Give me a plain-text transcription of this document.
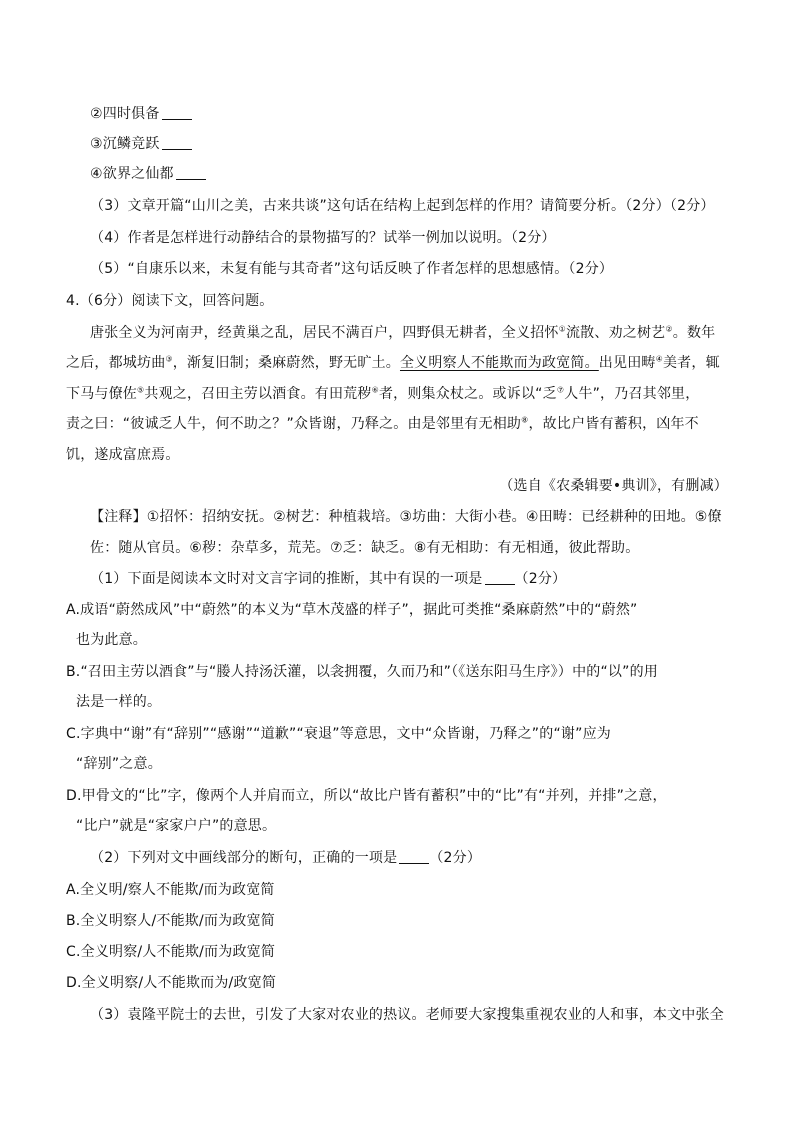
②四时俱备
③沉鳞竞跃
④欲界之仙都
（3）文章开篇“山川之美，古来共谈”这句话在结构上起到怎样的作用？请简要分析。（2分）（2分）
（4）作者是怎样进行动静结合的景物描写的？试举一例加以说明。（2分）
（5）“自康乐以来，未复有能与其奇者”这句话反映了作者怎样的思想感情。（2分）
4.（6分）阅读下文，回答问题。
唐张全义为河南尹，经黄巢之乱，居民不满百户，四野俱无耕者，全义招怀①流散、劝之树艺②。数年
之后，都城坊曲③，渐复旧制；桑麻蔚然，野无旷土。全义明察人不能欺而为政宽简。出见田畴④美者，辄
下马与僚佐⑤共观之，召田主劳以酒食。有田荒秽⑥者，则集众杖之。或诉以“乏⑦人牛”，乃召其邻里，
责之曰：“彼诚乏人牛，何不助之？”众皆谢，乃释之。由是邻里有无相助⑧，故比户皆有蓄积，凶年不
饥，遂成富庶焉。
（选自《农桑辑要•典训》，有删减）
【注释】①招怀：招纳安抚。②树艺：种植栽培。③坊曲：大街小巷。④田畴：已经耕种的田地。⑤僚
佐：随从官员。⑥秽：杂草多，荒芜。⑦乏：缺乏。⑧有无相助：有无相通，彼此帮助。
（1）下面是阅读本文时对文言字词的推断，其中有误的一项是 （2分）
A.成语“蔚然成风”中“蔚然”的本义为“草木茂盛的样子”，据此可类推“桑麻蔚然”中的“蔚然”
也为此意。
B.“召田主劳以酒食”与“媵人持汤沃灌，以衾拥覆，久而乃和”（《送东阳马生序》）中的“以”的用
法是一样的。
C.字典中“谢”有“辞别”“感谢”“道歉”“衰退”等意思，文中“众皆谢，乃释之”的“谢”应为
“辞别”之意。
D.甲骨文的“比”字，像两个人并肩而立，所以“故比户皆有蓄积”中的“比”有“并列，并排”之意，
“比户”就是“家家户户”的意思。
（2）下列对文中画线部分的断句，正确的一项是 （2分）
A.全义明/察人不能欺/而为政宽简
B.全义明察人/不能欺/而为政宽简
C.全义明察/人不能欺/而为政宽简
D.全义明察/人不能欺而为/政宽简
（3）袁隆平院士的去世，引发了大家对农业的热议。老师要大家搜集重视农业的人和事，本文中张全
